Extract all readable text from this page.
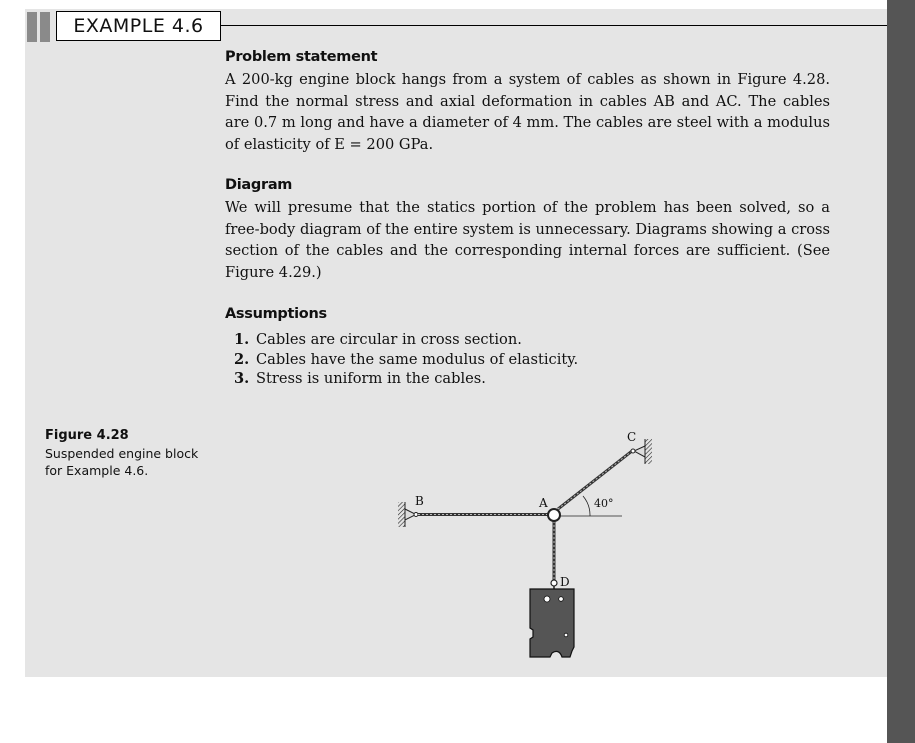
EXAMPLE 4.6
Problem statement

A 200-kg engine block hangs from a system of cables as shown in Figure 4.28. Find the normal stress and axial deformation in cables AB and AC. The cables are 0.7 m long and have a diameter of 4 mm. The cables are steel with a modulus of elasticity of E = 200 GPa.

Diagram

We will presume that the statics portion of the problem has been solved, so a free-body diagram of the entire system is unnecessary. Diagrams showing a cross section of the cables and the corresponding internal forces are sufficient. (See Figure 4.29.)

Assumptions
1. Cables are circular in cross section.
2. Cables have the same modulus of elasticity.
3. Stress is uniform in the cables.
Figure 4.28
Suspended engine block for Example 4.6.
B	A
C
D
40°
